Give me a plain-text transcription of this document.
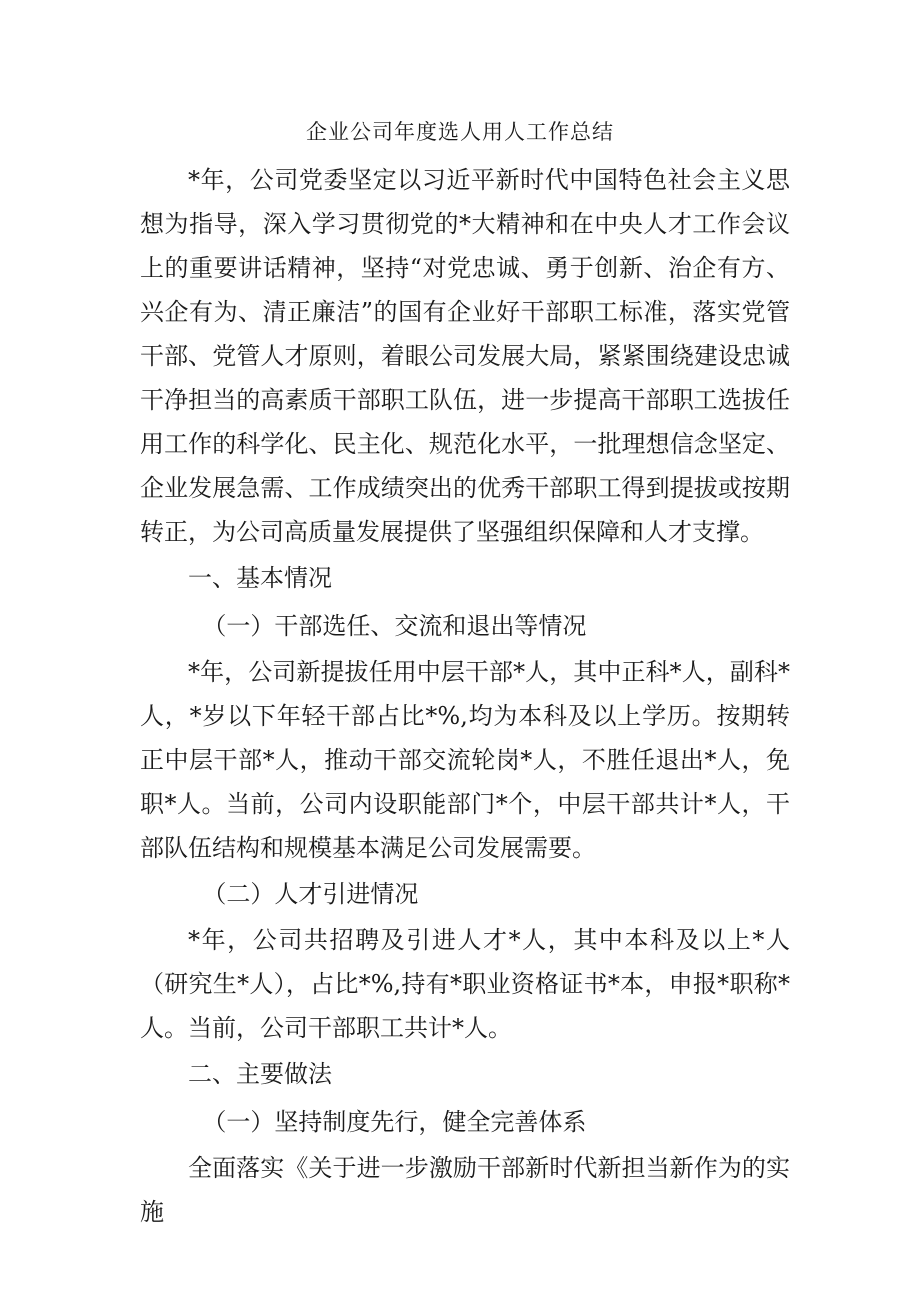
企业公司年度选人用人工作总结

*年，公司党委坚定以习近平新时代中国特色社会主义思想为指导，深入学习贯彻党的*大精神和在中央人才工作会议上的重要讲话精神，坚持“对党忠诚、勇于创新、治企有方、兴企有为、清正廉洁”的国有企业好干部职工标准，落实党管干部、党管人才原则，着眼公司发展大局，紧紧围绕建设忠诚干净担当的高素质干部职工队伍，进一步提高干部职工选拔任用工作的科学化、民主化、规范化水平，一批理想信念坚定、企业发展急需、工作成绩突出的优秀干部职工得到提拔或按期转正，为公司高质量发展提供了坚强组织保障和人才支撑。

一、基本情况

（一）干部选任、交流和退出等情况

*年，公司新提拔任用中层干部*人，其中正科*人，副科*人，*岁以下年轻干部占比*%,均为本科及以上学历。按期转正中层干部*人，推动干部交流轮岗*人，不胜任退出*人，免职*人。当前，公司内设职能部门*个，中层干部共计*人，干部队伍结构和规模基本满足公司发展需要。

（二）人才引进情况

*年，公司共招聘及引进人才*人，其中本科及以上*人（研究生*人），占比*%,持有*职业资格证书*本，申报*职称*人。当前，公司干部职工共计*人。

二、主要做法

（一）坚持制度先行，健全完善体系

全面落实《关于进一步激励干部新时代新担当新作为的实施
